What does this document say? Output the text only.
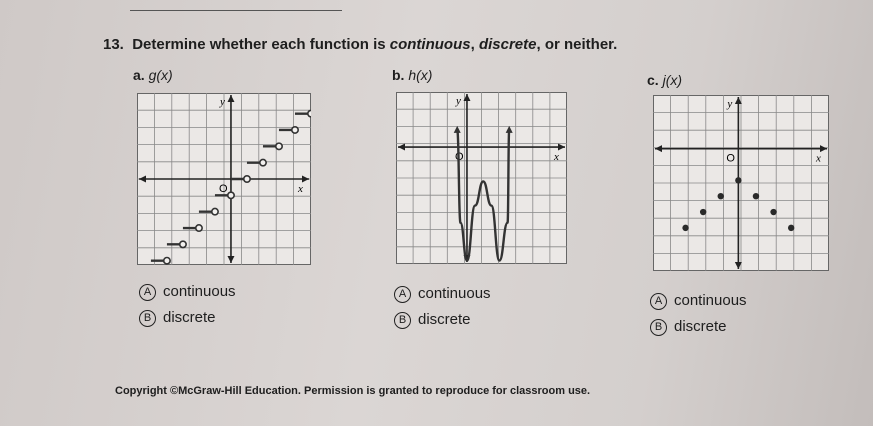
13. Determine whether each function is continuous, discrete, or neither.
a. g(x)	b. h(x)	c. j(x)
O	x
y
O	x
y
O	x
y
A continuous
B discrete
A continuous
B discrete
A continuous
B discrete
Copyright ©McGraw-Hill Education. Permission is granted to reproduce for classroom use.
